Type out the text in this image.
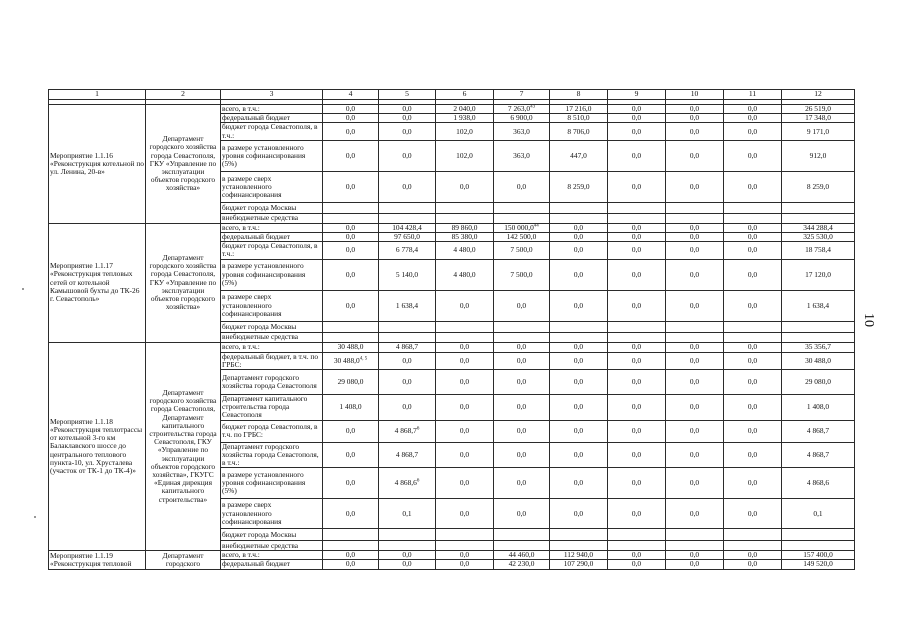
1	2	3	4	5	6	7	8	9	10	11	12

Мероприятие 1.1.16 «Реконструкция котельной по ул. Ленина, 20-в»	Департамент городского хозяйства города Севастополя, ГКУ «Управление по эксплуатации объектов городского хозяйства»	всего, в т.ч.:	0,0	0,0	2 040,0	7 263,0$^{43}$	17 216,0	0,0	0,0	0,0	26 519,0
		федеральный бюджет	0,0	0,0	1 938,0	6 900,0	8 510,0	0,0	0,0	0,0	17 348,0
		бюджет города Севастополя, в т.ч.:	0,0	0,0	102,0	363,0	8 706,0	0,0	0,0	0,0	9 171,0
		в размере установленного уровня софинансирования (5%)	0,0	0,0	102,0	363,0	447,0	0,0	0,0	0,0	912,0
		в размере сверх установленного софинансирования	0,0	0,0	0,0	0,0	8 259,0	0,0	0,0	0,0	8 259,0
		бюджет города Москвы									
		внебюджетные средства									
Мероприятие 1.1.17 «Реконструкция тепловых сетей от котельной Камышовой бухты до ТК-26 г. Севастополь»	Департамент городского хозяйства города Севастополя, ГКУ «Управление по эксплуатации объектов городского хозяйства»	всего, в т.ч.:	0,0	104 428,4	89 860,0	150 000,0$^{44}$	0,0	0,0	0,0	0,0	344 288,4
		федеральный бюджет	0,0	97 650,0	85 380,0	142 500,0	0,0	0,0	0,0	0,0	325 530,0
		бюджет города Севастополя, в т.ч.:	0,0	6 778,4	4 480,0	7 500,0	0,0	0,0	0,0	0,0	18 758,4
		в размере установленного уровня софинансирования (5%)	0,0	5 140,0	4 480,0	7 500,0	0,0	0,0	0,0	0,0	17 120,0
		в размере сверх установленного софинансирования	0,0	1 638,4	0,0	0,0	0,0	0,0	0,0	0,0	1 638,4
		бюджет города Москвы									
		внебюджетные средства									
Мероприятие 1.1.18 «Реконструкция теплотрассы от котельной 3-го км Балаклавского шоссе до центрального теплового пункта-10, ул. Хрусталева (участок от ТК-1 до ТК-4)»	Департамент городского хозяйства города Севастополя, Департамент капитального строительства города Севастополя, ГКУ «Управление по эксплуатации объектов городского хозяйства», ГКУГС «Единая дирекция капитального строительства»	всего, в т.ч.:	30 488,0	4 868,7	0,0	0,0	0,0	0,0	0,0	0,0	35 356,7
		федеральный бюджет, в т.ч. по ГРБС:	30 488,0$^{4, 5}$	0,0	0,0	0,0	0,0	0,0	0,0	0,0	30 488,0
		Департамент городского хозяйства города Севастополя	29 080,0	0,0	0,0	0,0	0,0	0,0	0,0	0,0	29 080,0
		Департамент капитального строительства города Севастополя	1 408,0	0,0	0,0	0,0	0,0	0,0	0,0	0,0	1 408,0
		бюджет города Севастополя, в т.ч. по ГРБС:	0,0	4 868,7$^6$	0,0	0,0	0,0	0,0	0,0	0,0	4 868,7
		Департамент городского хозяйства города Севастополя, в т.ч.:	0,0	4 868,7	0,0	0,0	0,0	0,0	0,0	0,0	4 868,7
		в размере установленного уровня софинансирования (5%)	0,0	4 868,6$^6$	0,0	0,0	0,0	0,0	0,0	0,0	4 868,6
		в размере сверх установленного софинансирования	0,0	0,1	0,0	0,0	0,0	0,0	0,0	0,0	0,1
		бюджет города Москвы									
		внебюджетные средства									
Мероприятие 1.1.19 «Реконструкция тепловой	Департамент городского	всего, в т.ч.:	0,0	0,0	0,0	44 460,0	112 940,0	0,0	0,0	0,0	157 400,0
		федеральный бюджет	0,0	0,0	0,0	42 230,0	107 290,0	0,0	0,0	0,0	149 520,0
10
